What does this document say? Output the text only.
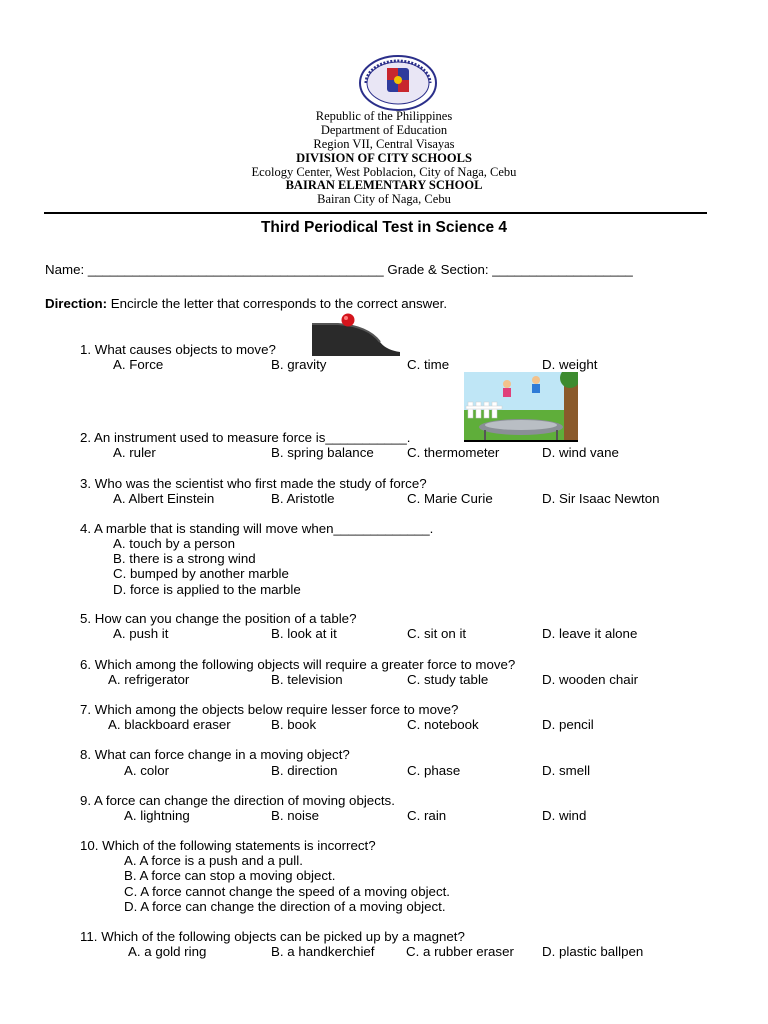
Republic of the Philippines
Department of Education
Region VII, Central Visayas
DIVISION OF CITY SCHOOLS
Ecology Center, West Poblacion, City of Naga, Cebu
BAIRAN ELEMENTARY SCHOOL
Bairan City of Naga, Cebu
Third Periodical Test in Science 4
Name: ________________________________________ Grade & Section: ___________________
Direction: Encircle the letter that corresponds to the correct answer.
1. What causes objects to move?
A. Force	B. gravity	C. time	D. weight
2. An instrument used to measure force is___________.
A. ruler	B. spring balance	C. thermometer	D. wind vane
3. Who was the scientist who first made the study of force?
A. Albert Einstein	B. Aristotle	C. Marie Curie	D. Sir Isaac Newton
4. A marble that is standing will move when_____________.
A. touch by a person
B. there is a strong wind
C. bumped by another marble
D. force is applied to the marble
5. How can you change the position of a table?
A. push it	B. look at it	C. sit on it	D. leave it alone
6. Which among the following objects will require a greater force to move?
A. refrigerator	B. television	C. study table	D. wooden chair
7. Which among the objects below require lesser force to move?
A. blackboard eraser	B. book	C. notebook	D. pencil
8. What can force change in a moving object?
A. color	B. direction	C. phase	D. smell
9. A force can change the direction of moving objects.
A. lightning	B. noise	C. rain	D. wind
10. Which of the following statements is incorrect?
A. A force is a push and a pull.
B. A force can stop a moving object.
C. A force cannot change the speed of a moving object.
D. A force can change the direction of a moving object.
11. Which of the following objects can be picked up by a magnet?
A. a gold ring	B. a handkerchief C. a rubber eraser D. plastic ballpen
